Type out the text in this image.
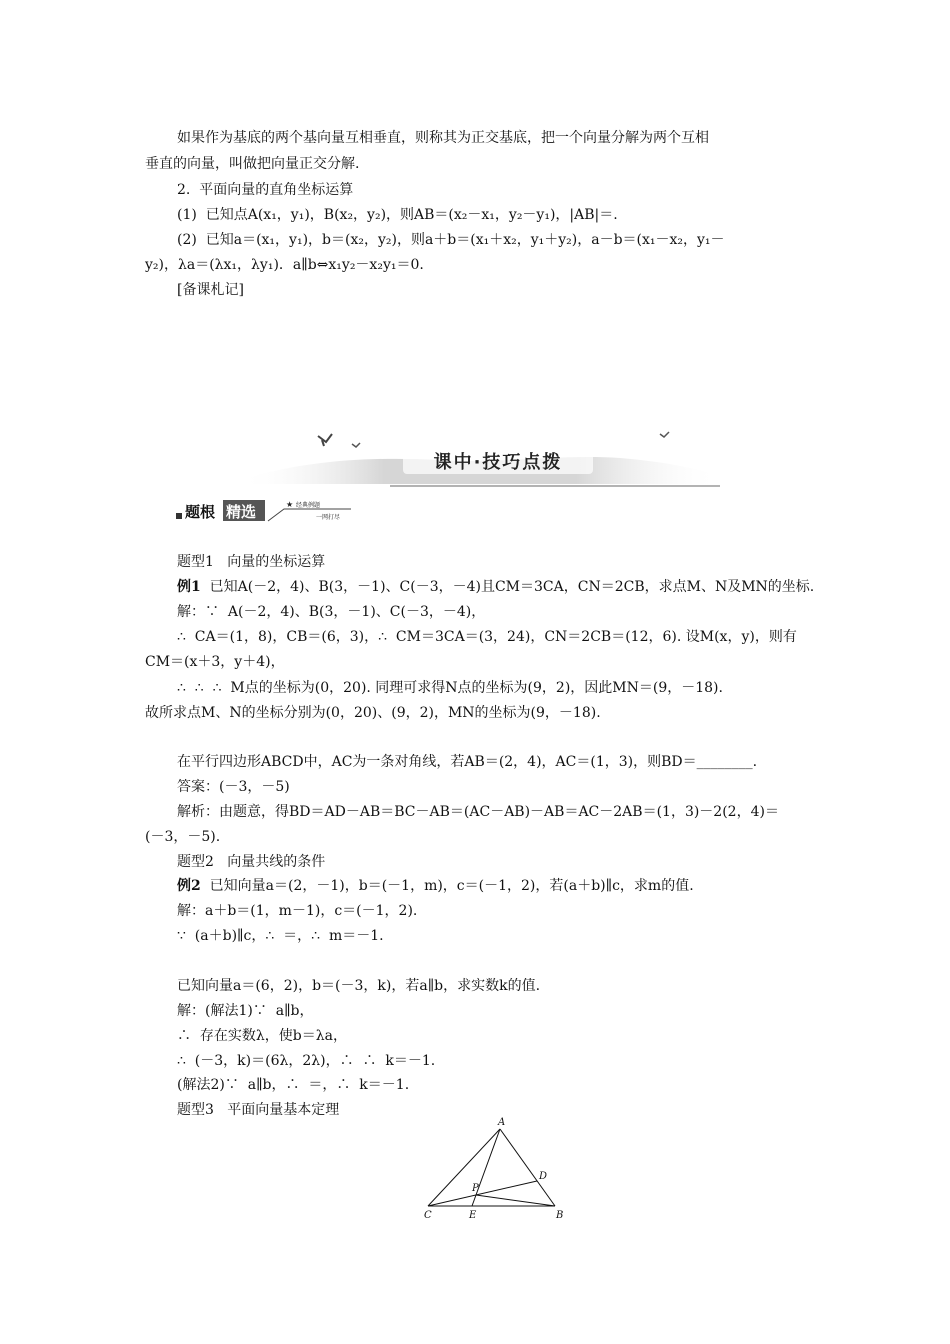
如果作为基底的两个基向量互相垂直，则称其为正交基底，把一个向量分解为两个互相
垂直的向量，叫做把向量正交分解.
2.  平面向量的直角坐标运算
(1)  已知点A(x₁，y₁)，B(x₂，y₂)，则AB＝(x₂－x₁，y₂－y₁)，|AB|＝.
(2)  已知a＝(x₁，y₁)，b＝(x₂，y₂)，则a＋b＝(x₁＋x₂，y₁＋y₂)，a－b＝(x₁－x₂，y₁－
y₂)，λa＝(λx₁，λy₁)．a∥b⇔x₁y₂－x₂y₁＝0.
[备课札记]
课中·技巧点拨
题根 精选	★ 经典例题
一网打尽
题型1   向量的坐标运算
例1  已知A(－2，4)、B(3，－1)、C(－3，－4)且CM＝3CA，CN＝2CB，求点M、N及MN的坐标.
解：∵  A(－2，4)、B(3，－1)、C(－3，－4)，
∴  CA＝(1，8)，CB＝(6，3)，∴  CM＝3CA＝(3，24)，CN＝2CB＝(12，6). 设M(x，y)，则有
CM＝(x＋3，y＋4)，
∴  ∴  ∴  M点的坐标为(0，20). 同理可求得N点的坐标为(9，2)，因此MN＝(9，－18).
故所求点M、N的坐标分别为(0，20)、(9，2)，MN的坐标为(9，－18).
在平行四边形ABCD中，AC为一条对角线，若AB＝(2，4)，AC＝(1，3)，则BD＝________.
答案：(－3，－5)
解析：由题意，得BD＝AD－AB＝BC－AB＝(AC－AB)－AB＝AC－2AB＝(1，3)－2(2，4)＝
(－3，－5).
题型2   向量共线的条件
例2  已知向量a＝(2，－1)，b＝(－1，m)，c＝(－1，2)，若(a＋b)∥c，求m的值.
解：a＋b＝(1，m－1)，c＝(－1，2).
∵  (a＋b)∥c，∴  ＝，∴  m＝－1.
已知向量a＝(6，2)，b＝(－3，k)，若a∥b，求实数k的值.
解：(解法1)∵  a∥b，
∴  存在实数λ，使b＝λa，
∴  (－3，k)＝(6λ，2λ)，∴  ∴  k＝－1.
(解法2)∵  a∥b，∴  ＝，∴  k＝－1.
题型3   平面向量基本定理
A
B
C
D
E
P
